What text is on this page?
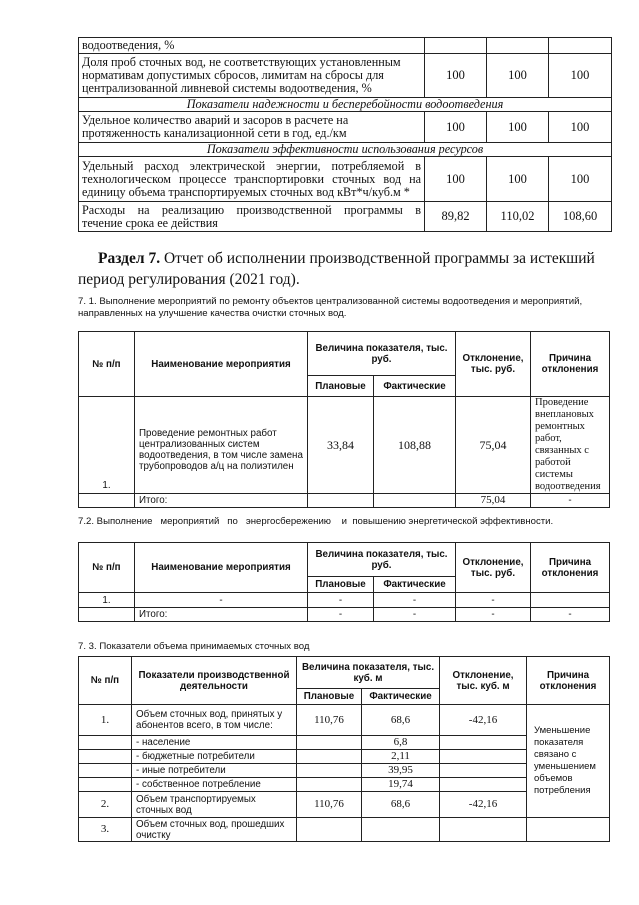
водоотведения, %			
Доля проб сточных вод, не соответствующих установленным нормативам допустимых сбросов, лимитам на сбросы для централизованной ливневой системы водоотведения, %	100	100	100
Показатели надежности и бесперебойности водоотведения			
Удельное количество аварий и засоров в расчете на протяженность канализационной сети в год, ед./км	100	100	100
Показатели эффективности использования ресурсов			
Удельный расход электрической энергии, потребляемой в технологическом процессе транспортировки сточных вод на
единицу объема транспортируемых сточных вод кВт*ч/куб.м *	100	100	100
Расходы на реализацию производственной программы в
течение срока ее действия	89,82	110,02	108,60
Раздел 7. Отчет об исполнении производственной программы за истекший период регулирования (2021 год).
7. 1. Выполнение мероприятий по ремонту объектов централизованной системы водоотведения и мероприятий, направленных на улучшение качества очистки сточных вод.
№ п/п	Наименование мероприятия	Величина показателя, тыс. руб.		Отклонение, тыс. руб.	Причина отклонения
		Плановые	Фактические		
1.	Проведение ремонтных работ централизованных систем водоотведения, в том числе замена трубопроводов а/ц на полиэтилен	33,84	108,88	75,04	Проведение внеплановых ремонтных работ, связанных с работой системы водоотведения
	Итого:			75,04	-
7.2. Выполнение   мероприятий   по   энергосбережению    и  повышению энергетической эффективности.
№ п/п	Наименование мероприятия	Величина показателя, тыс. руб.		Отклонение, тыс. руб.	Причина отклонения
		Плановые	Фактические		
1.	-	-	-	-	
	Итого:	-	-	-	-
7. 3. Показатели объема принимаемых сточных вод
№ п/п	Показатели производственной деятельности	Величина показателя, тыс. куб. м		Отклонение, тыс. куб. м	Причина отклонения
		Плановые	Фактические		
1.	Объем сточных вод, принятых у абонентов всего, в том числе:	110,76	68,6	-42,16	Уменьшение показателя связано с уменьшением объемов потребления
	- население		6,8		
	- бюджетные потребители		2,11		
	- иные потребители		39,95		
	- собственное потребление		19,74		
2.	Объем транспортируемых сточных вод	110,76	68,6	-42,16	
3.	Объем сточных вод, прошедших очистку				
